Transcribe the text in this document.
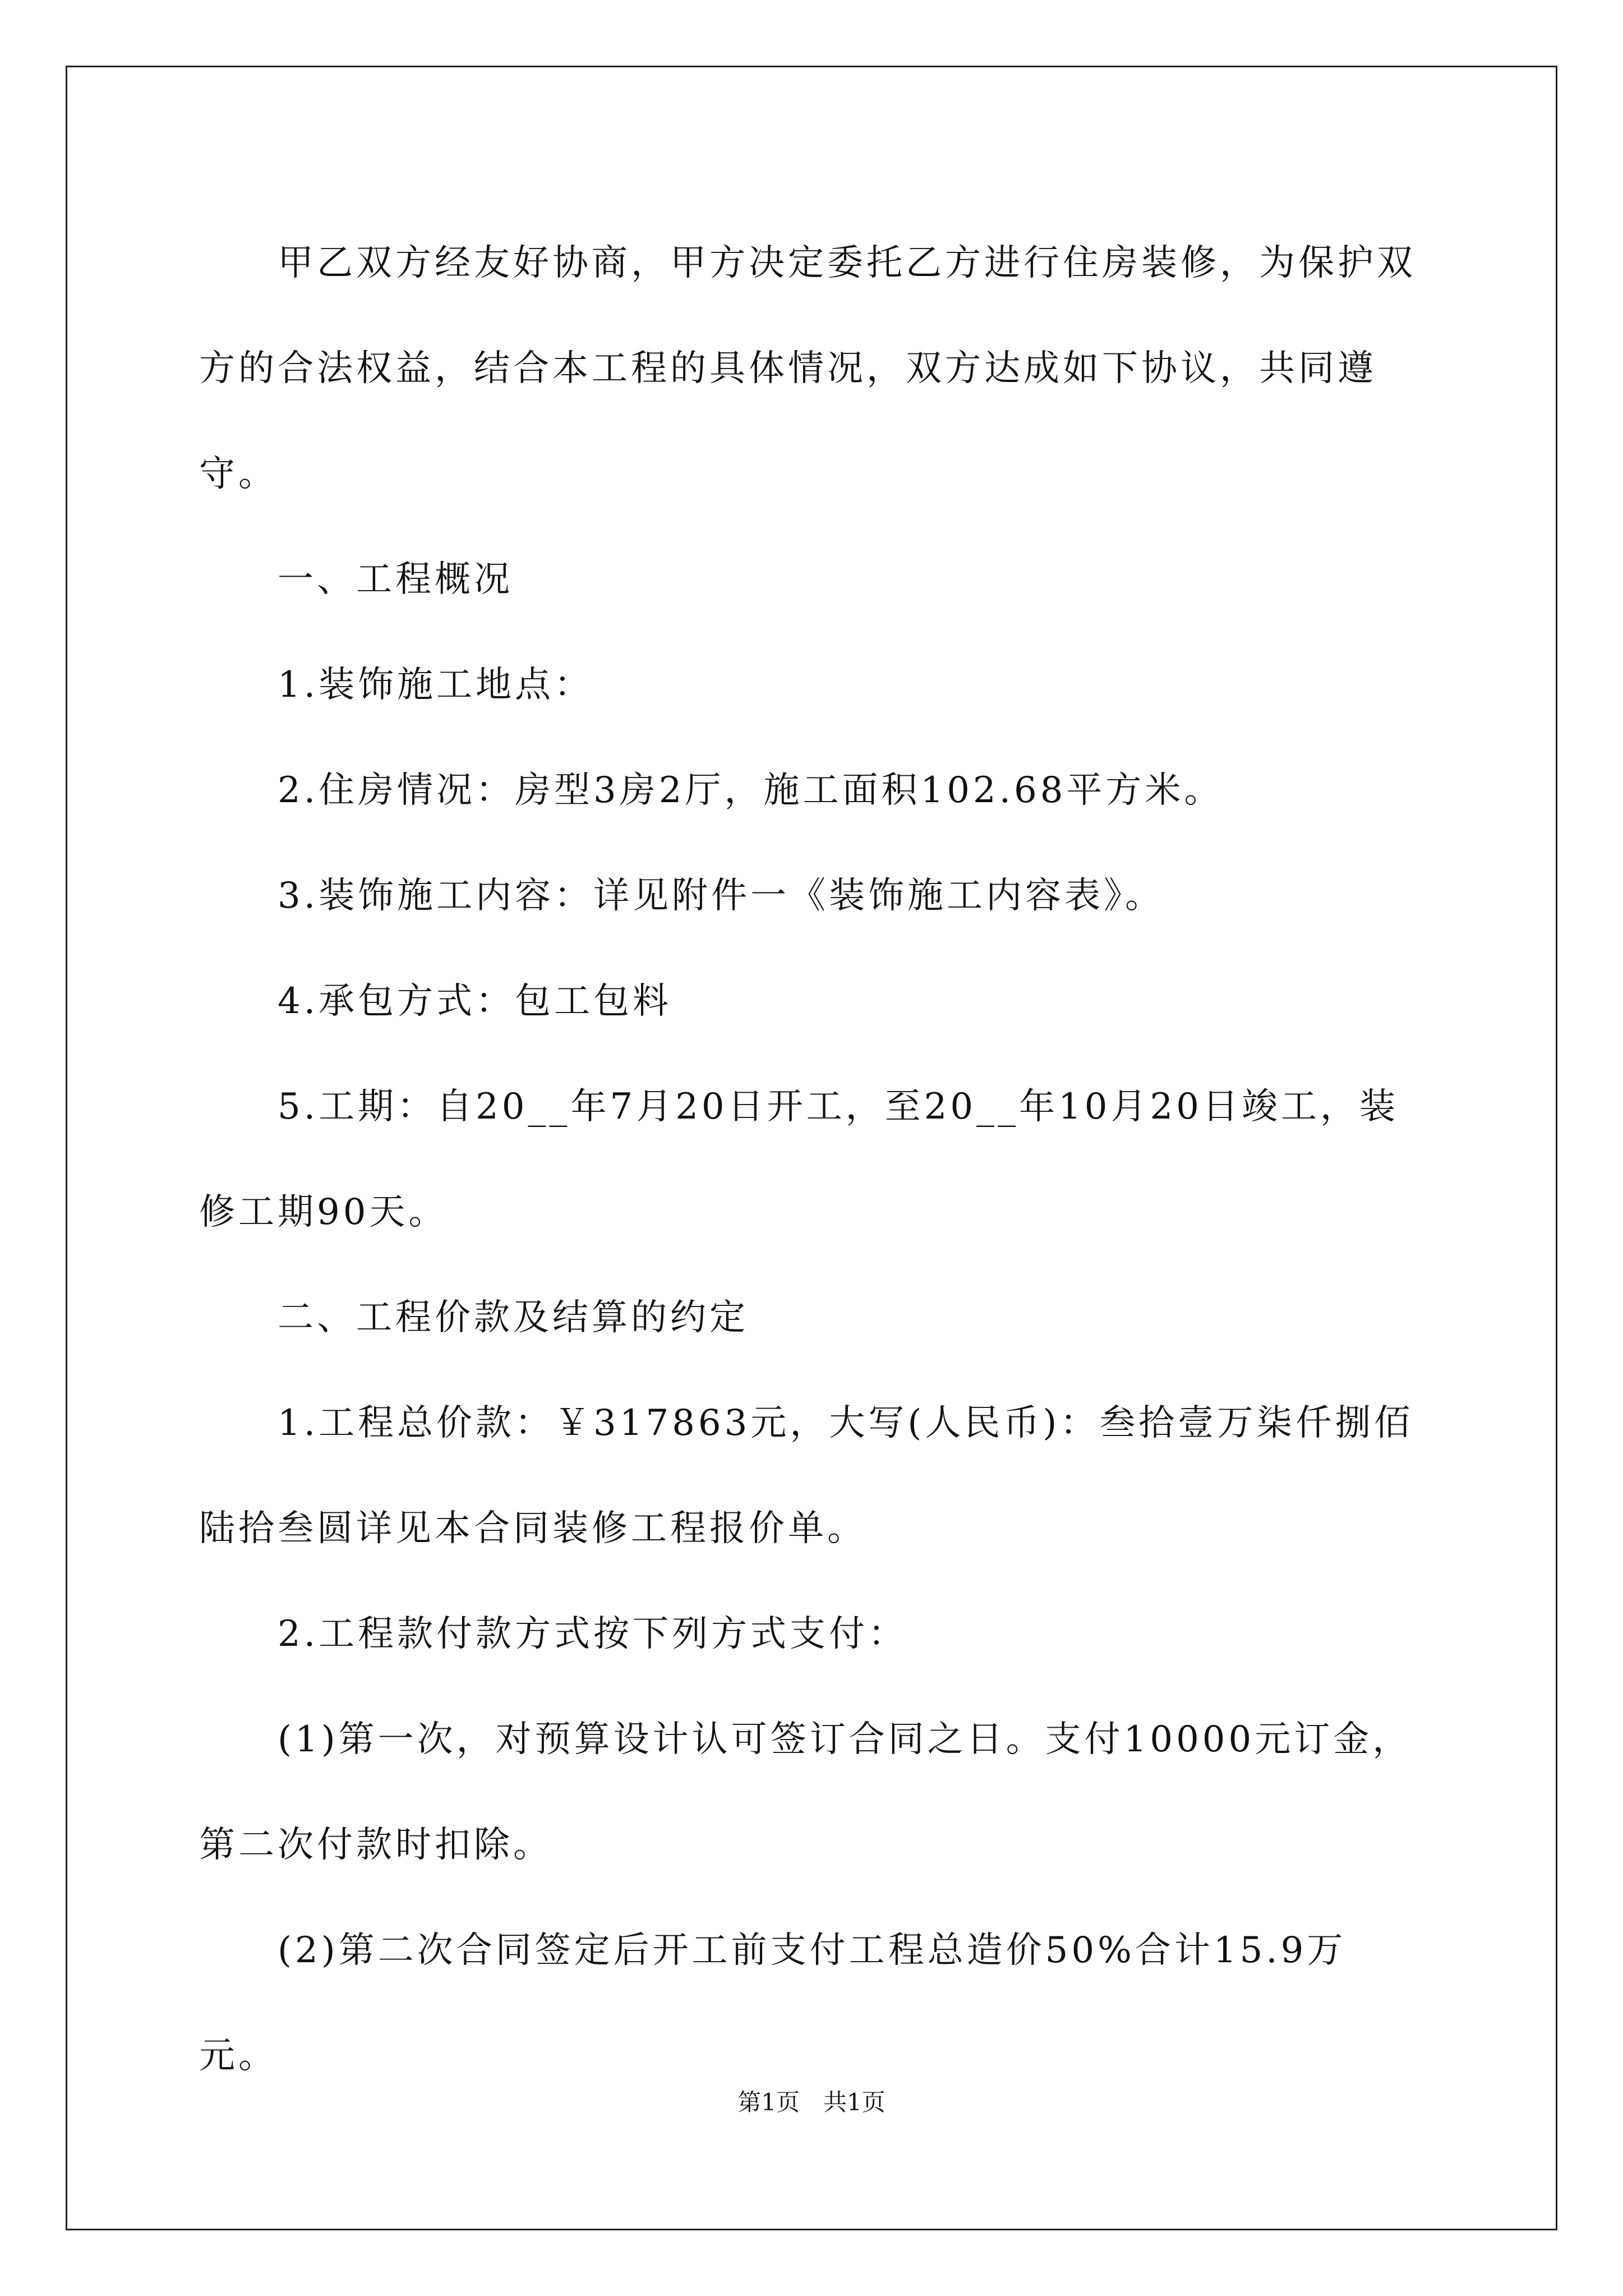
甲乙双方经友好协商，甲方决定委托乙方进行住房装修，为保护双方的合法权益，结合本工程的具体情况，双方达成如下协议，共同遵守。

一、工程概况

1.装饰施工地点：

2.住房情况：房型3房2厅，施工面积102.68平方米。

3.装饰施工内容：详见附件一《装饰施工内容表》。

4.承包方式：包工包料

5.工期：自20__年7月20日开工，至20__年10月20日竣工，装修工期90天。

二、工程价款及结算的约定

1.工程总价款：￥317863元，大写(人民币)：叁拾壹万柒仟捌佰陆拾叁圆详见本合同装修工程报价单。

2.工程款付款方式按下列方式支付：

(1)第一次，对预算设计认可签订合同之日。支付10000元订金，第二次付款时扣除。

(2)第二次合同签定后开工前支付工程总造价50%合计15.9万元。

第1页　共1页
